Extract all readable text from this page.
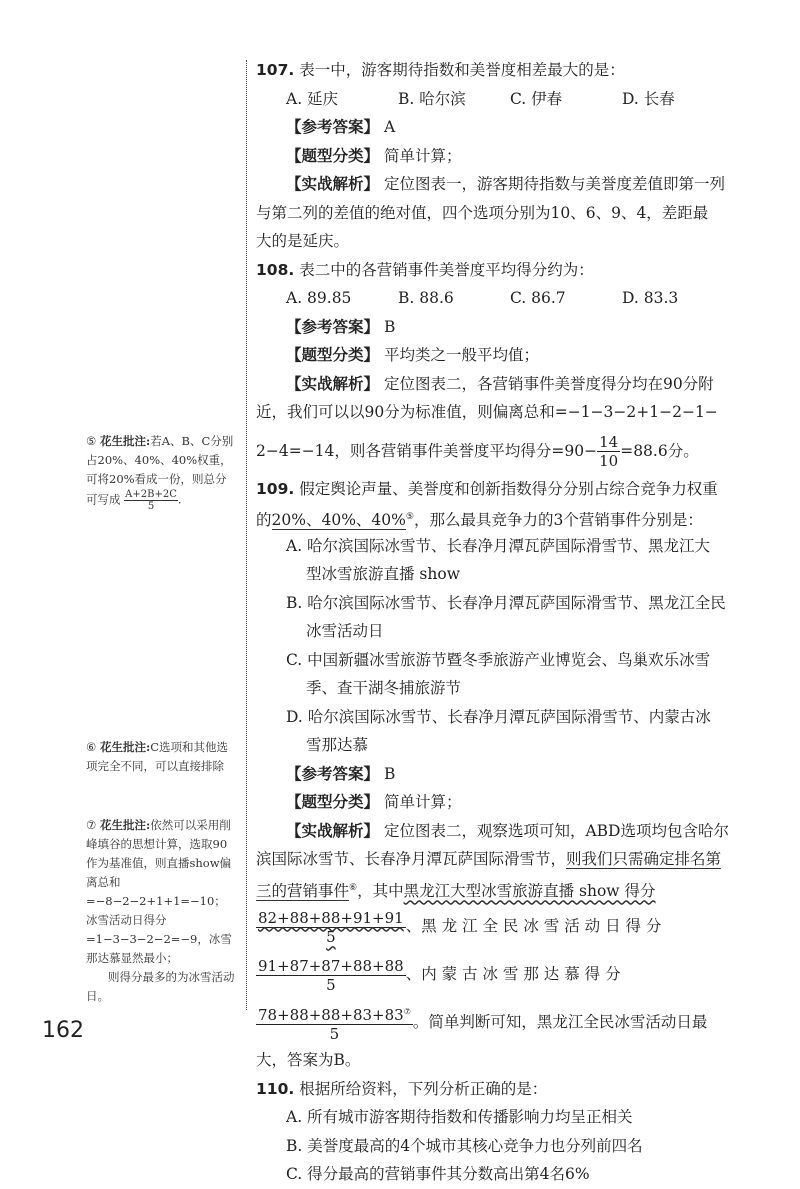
⑤ 花生批注:若A、B、C分别占20%、40%、40%权重，可将20%看成一份，则总分可写成 $\frac{A+2B+2C}{5}$ .
⑥ 花生批注:C选项和其他选项完全不同，可以直接排除
⑦ 花生批注:依然可以采用削峰填谷的思想计算，选取90作为基准值，则直播show偏离总和=−8−2−2+1+1=−10；冰雪活动日得分=1−3−3−2−2=−9，冰雪那达慕显然最小；
则得分最多的为冰雪活动日。
107. 表一中，游客期待指数和美誉度相差最大的是：
A. 延庆	B. 哈尔滨	C. 伊春	D. 长春
【参考答案】 A
【题型分类】 简单计算；
【实战解析】 定位图表一，游客期待指数与美誉度差值即第一列
与第二列的差值的绝对值，四个选项分别为10、6、9、4，差距最
大的是延庆。
108. 表二中的各营销事件美誉度平均得分约为：
A. 89.85	B. 88.6	C. 86.7	D. 83.3
【参考答案】 B
【题型分类】 平均类之一般平均值；
【实战解析】 定位图表二，各营销事件美誉度得分均在90分附
近，我们可以以90分为标准值，则偏离总和=−1−3−2+1−2−1−
2−4=−14，则各营销事件美誉度平均得分$=90- \frac{14}{10} =88.6$分。
109. 假定舆论声量、美誉度和创新指数得分分别占综合竞争力权重
的20%、40%、40%⑤，那么最具竞争力的3个营销事件分别是：
A. 哈尔滨国际冰雪节、长春净月潭瓦萨国际滑雪节、黑龙江大
型冰雪旅游直播 show
B. 哈尔滨国际冰雪节、长春净月潭瓦萨国际滑雪节、黑龙江全民
冰雪活动日
C. 中国新疆冰雪旅游节暨冬季旅游产业博览会、鸟巢欢乐冰雪
季、查干湖冬捕旅游节
D. 哈尔滨国际冰雪节、长春净月潭瓦萨国际滑雪节、内蒙古冰
雪那达慕
【参考答案】 B
【题型分类】 简单计算；
【实战解析】 定位图表二，观察选项可知，ABD选项均包含哈尔
滨国际冰雪节、长春净月潭瓦萨国际滑雪节，则我们只需确定排名第
三的营销事件⑥，其中黑龙江大型冰雪旅游直播 show 得分
$\frac{82+88+88+91+91}{5}$ 、黑 龙 江 全 民 冰 雪 活 动 日 得 分
$\frac{91+87+87+88+88}{5}$ 、内 蒙 古 冰 雪 那 达 慕 得 分
$\frac{78+88+88+83+83^⑦}{5}$ 。简单判断可知，黑龙江全民冰雪活动日最
大，答案为B。
110. 根据所给资料，下列分析正确的是：
A. 所有城市游客期待指数和传播影响力均呈正相关
B. 美誉度最高的4个城市其核心竞争力也分列前四名
C. 得分最高的营销事件其分数高出第4名6%
162
